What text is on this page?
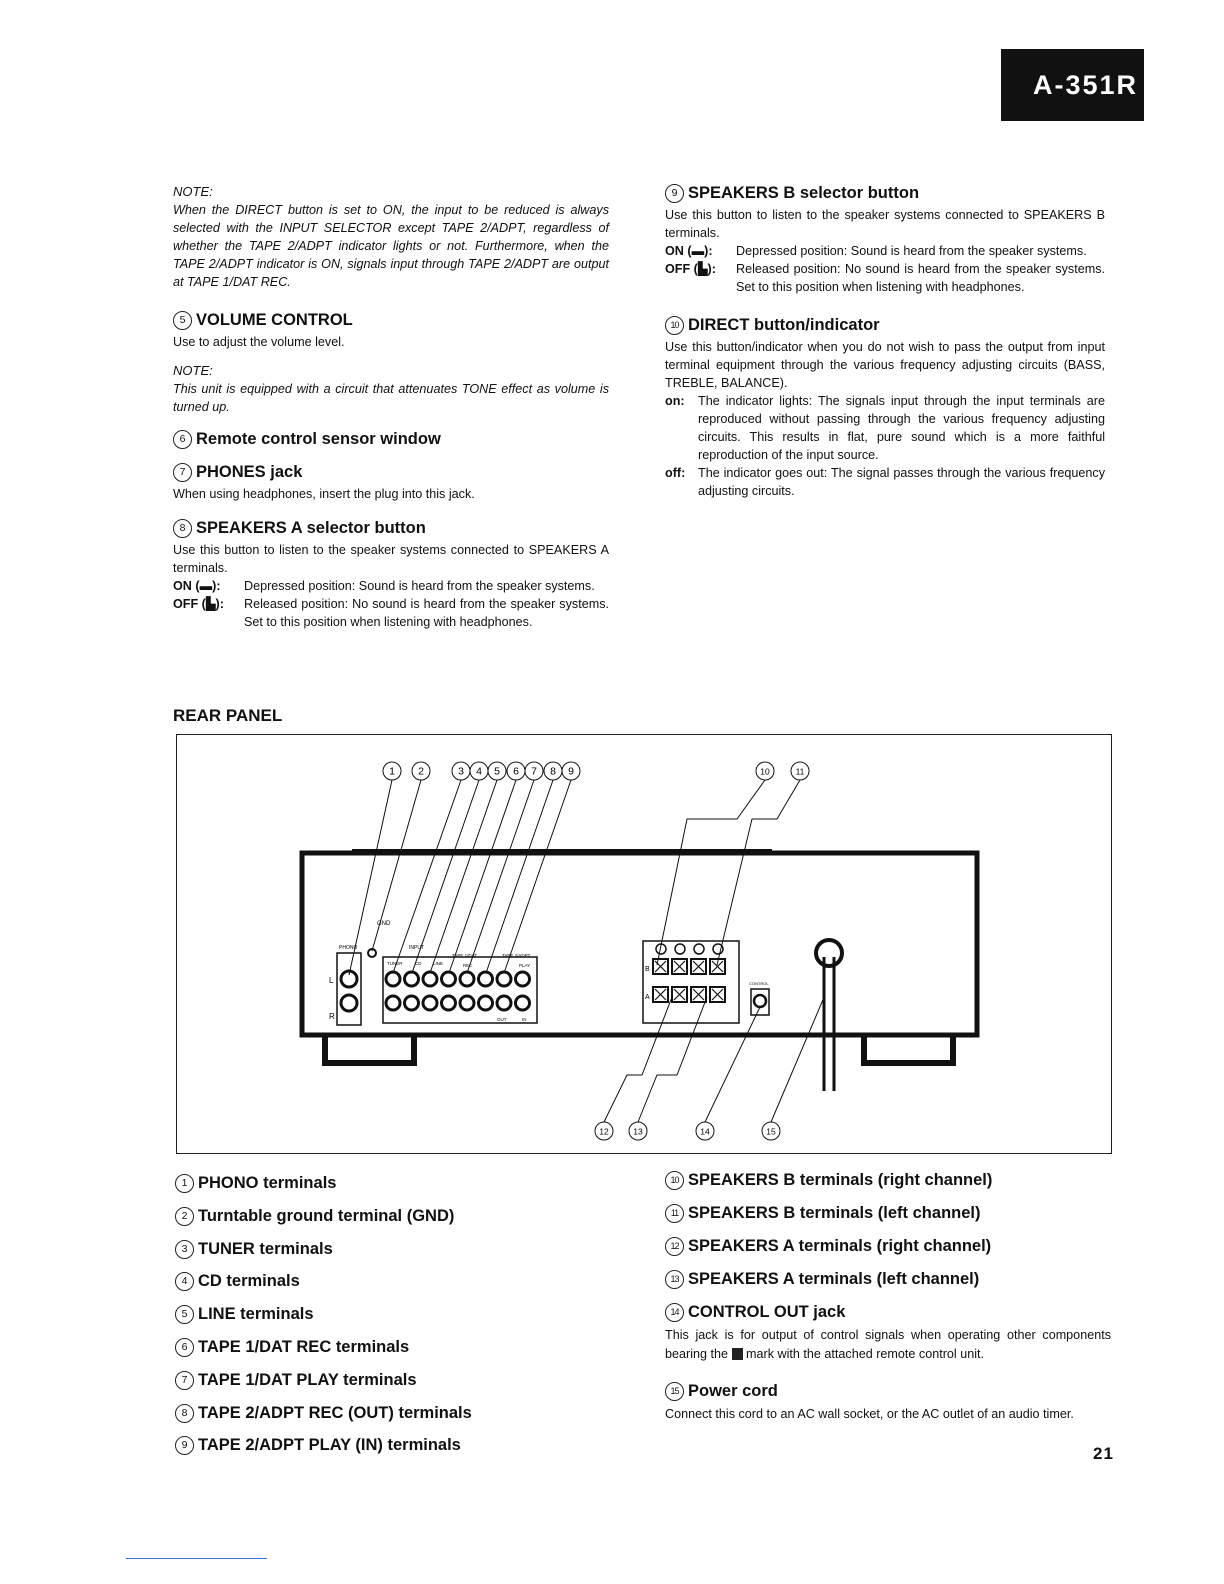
A-351R

NOTE:

When the DIRECT button is set to ON, the input to be reduced is always selected with the INPUT SELECTOR except TAPE 2/ADPT, regardless of whether the TAPE 2/ADPT indicator lights or not. Furthermore, when the TAPE 2/ADPT indicator is ON, signals input through TAPE 2/ADPT are output at TAPE 1/DAT REC.

5 VOLUME CONTROL

Use to adjust the volume level.

NOTE:

This unit is equipped with a circuit that attenuates TONE effect as volume is turned up.

6 Remote control sensor window
7 PHONES jack

When using headphones, insert the plug into this jack.

8 SPEAKERS A selector button

Use this button to listen to the speaker systems connected to SPEAKERS A terminals.

ON (▬):	Depressed position: Sound is heard from the speaker systems.
OFF (▙):	Released position: No sound is heard from the speaker systems. Set to this position when listening with headphones.
9 SPEAKERS B selector button

Use this button to listen to the speaker systems connected to SPEAKERS B terminals.

ON (▬):	Depressed position: Sound is heard from the speaker systems.
OFF (▙):	Released position: No sound is heard from the speaker systems. Set to this position when listening with headphones.
10 DIRECT button/indicator

Use this button/indicator when you do not wish to pass the output from input terminal equipment through the various frequency adjusting circuits (BASS, TREBLE, BALANCE).

on:	The indicator lights: The signals input through the input terminals are reproduced without passing through the various frequency adjusting circuits. This results in flat, pure sound which is a more faithful reproduction of the input source.
off:	The indicator goes out: The signal passes through the various frequency adjusting circuits.
REAR PANEL
L
R
PHONO
GND
INPUT
TUNER	CD	LINE
TAPE 1/DAT	TAPE 2/ADPT
REC	PLAY
OUT	IN
B
A
CONTROL
1 2	3 4 5 6 7 8 9	10	11
12	13	14	15
1 PHONO terminals
2 Turntable ground terminal (GND)
3 TUNER terminals
4 CD terminals
5 LINE terminals
6 TAPE 1/DAT REC terminals
7 TAPE 1/DAT PLAY terminals
8 TAPE 2/ADPT REC (OUT) terminals
9 TAPE 2/ADPT PLAY (IN) terminals
10 SPEAKERS B terminals (right channel)
11 SPEAKERS B terminals (left channel)
12 SPEAKERS A terminals (right channel)
13 SPEAKERS A terminals (left channel)
14 CONTROL OUT jack
This jack is for output of control signals when operating other components bearing the mark with the attached remote control unit.
15 Power cord

Connect this cord to an AC wall socket, or the AC outlet of an audio timer.

21
